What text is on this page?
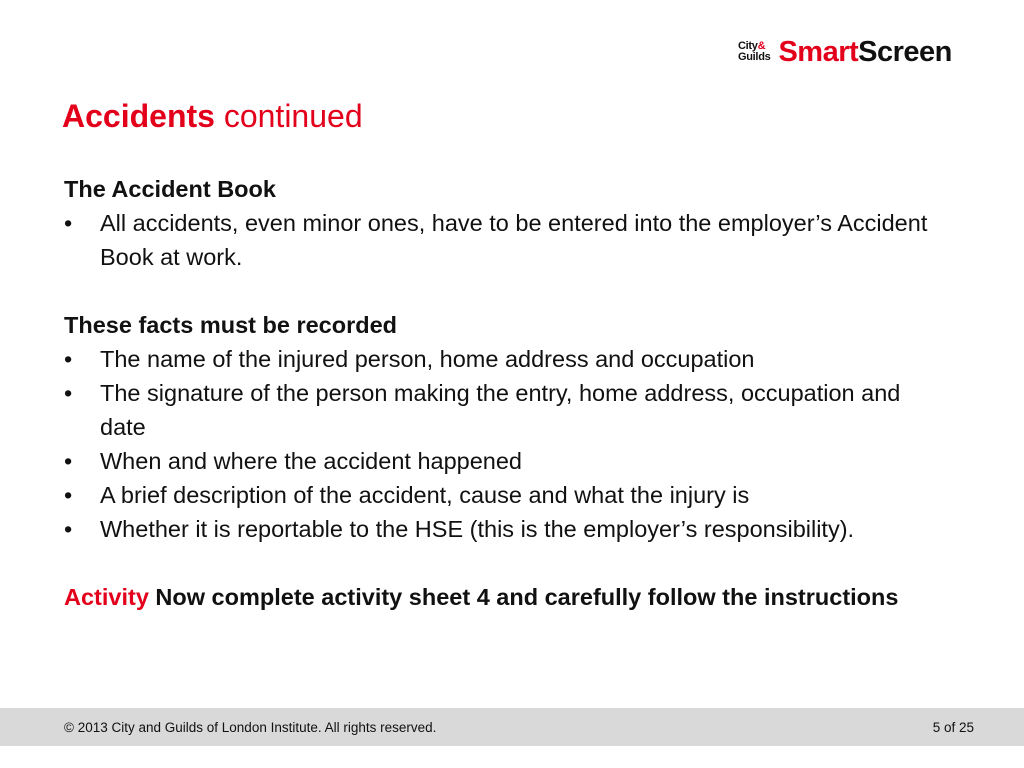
City&
Guilds Smart Screen
Accidents continued

The Accident Book

• All accidents, even minor ones, have to be entered into the employer’s Accident Book at work.

These facts must be recorded

• The name of the injured person, home address and occupation
• The signature of the person making the entry, home address, occupation and date
• When and where the accident happened
• A brief description of the accident, cause and what the injury is
• Whether it is reportable to the HSE (this is the employer’s responsibility).

Activity Now complete activity sheet 4 and carefully follow the instructions

© 2013 City and Guilds of London Institute. All rights reserved.	5 of 25
